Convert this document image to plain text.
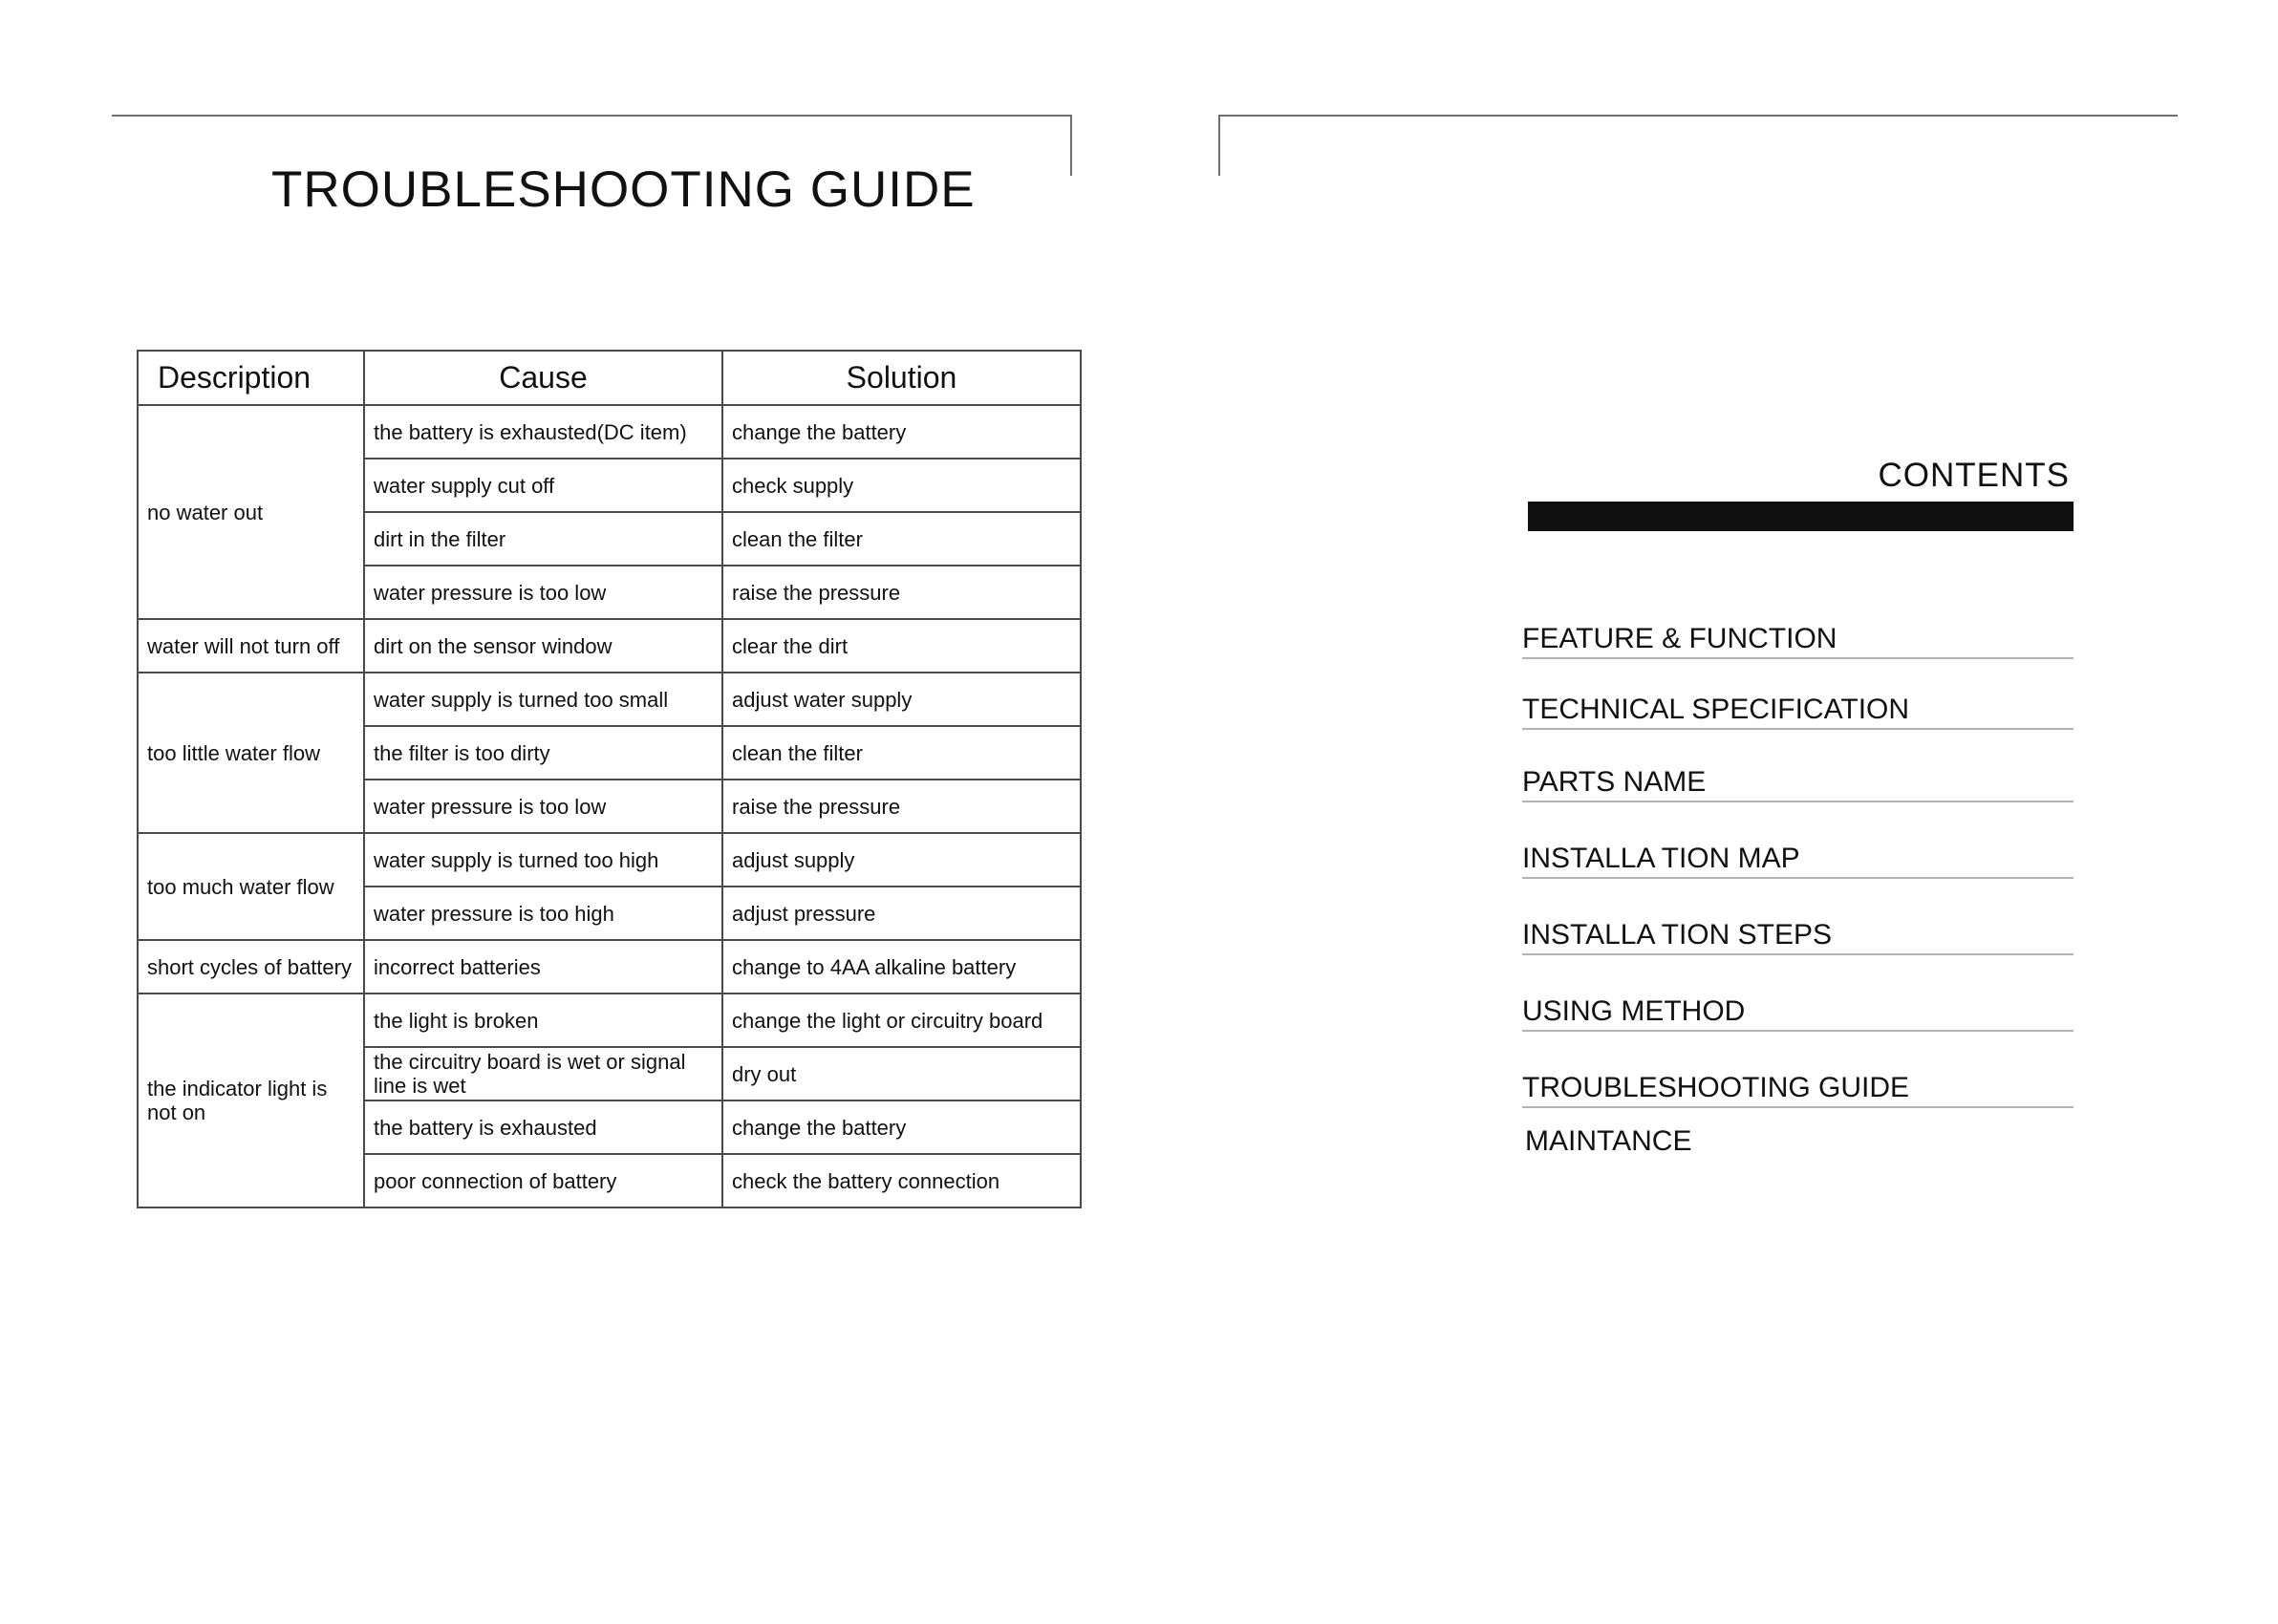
TROUBLESHOOTING GUIDE
Description	Cause	Solution
no water out	the battery is exhausted(DC item)	change the battery
	water supply cut off	check supply
	dirt in the filter	clean the filter
	water pressure is too low	raise the pressure
water will not turn off	dirt on the sensor window	clear the dirt
too little water flow	water supply is turned too small	adjust water supply
	the filter is too dirty	clean the filter
	water pressure is too low	raise the pressure
too much water flow	water supply is turned too high	adjust supply
	water pressure is too high	adjust pressure
short cycles of battery	incorrect batteries	change to 4AA alkaline battery
the indicator light is not on	the light is broken	change the light or circuitry board
	the circuitry board is wet or signal line is wet	dry out
	the battery is exhausted	change the battery
	poor connection of battery	check the battery connection
CONTENTS
FEATURE & FUNCTION
TECHNICAL SPECIFICATION
PARTS NAME
INSTALLA TION MAP
INSTALLA TION STEPS
USING METHOD
TROUBLESHOOTING GUIDE
MAINTANCE
